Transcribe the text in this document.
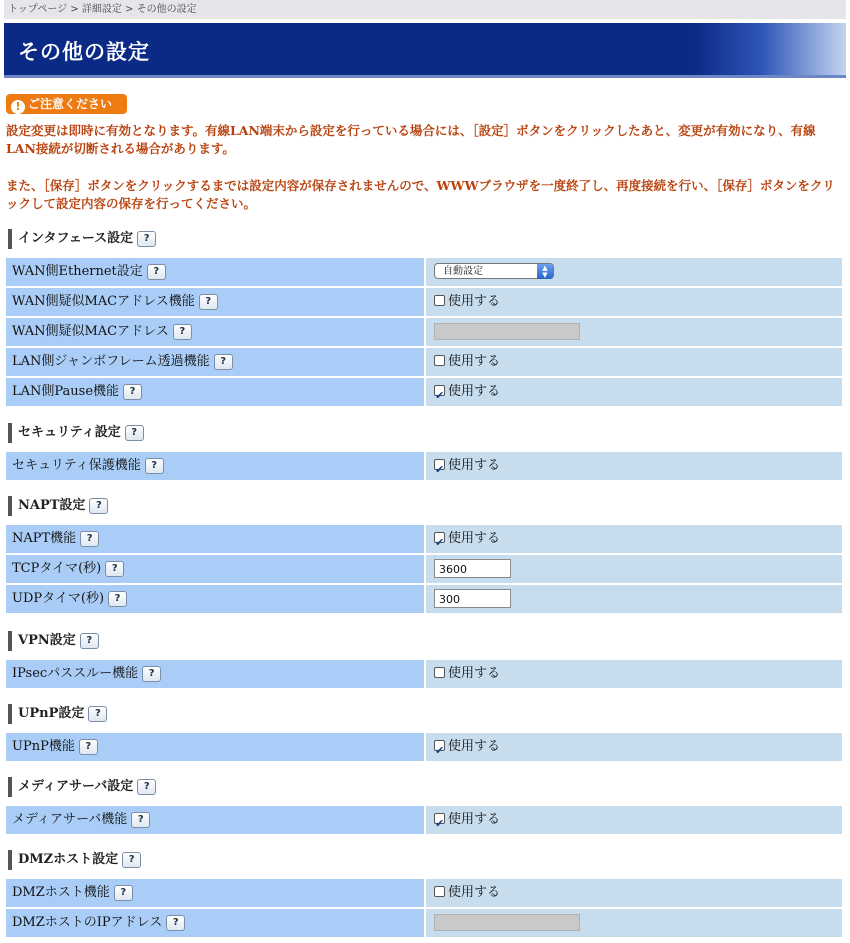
トップページ > 詳細設定 > その他の設定
その他の設定
! ご注意ください
設定変更は即時に有効となります。有線LAN端末から設定を行っている場合には、［設定］ボタンをクリックしたあと、変更が有効になり、有線LAN接続が切断される場合があります。
また、［保存］ボタンをクリックするまでは設定内容が保存されませんので、WWWブラウザを一度終了し、再度接続を行い、［保存］ボタンをクリックして設定内容の保存を行ってください。
インタフェース設定 ?
WAN側Ethernet設定 ?	自動設定	▲
▼
WAN側疑似MACアドレス機能 ?	使用する
WAN側疑似MACアドレス ?
LAN側ジャンボフレーム透過機能 ?	使用する
LAN側Pause機能 ? ✔	使用する
セキュリティ設定 ?
セキュリティ保護機能 ? ✔	使用する
NAPT設定 ?
NAPT機能 ? ✔	使用する
TCPタイマ(秒) ?	3600
UDPタイマ(秒) ?	300
VPN設定 ?
IPsecパススルー機能 ?	使用する
UPnP設定 ?
UPnP機能 ? ✔	使用する
メディアサーバ設定 ?
メディアサーバ機能 ? ✔	使用する
DMZホスト設定 ?
DMZホスト機能 ?	使用する
DMZホストのIPアドレス ?
